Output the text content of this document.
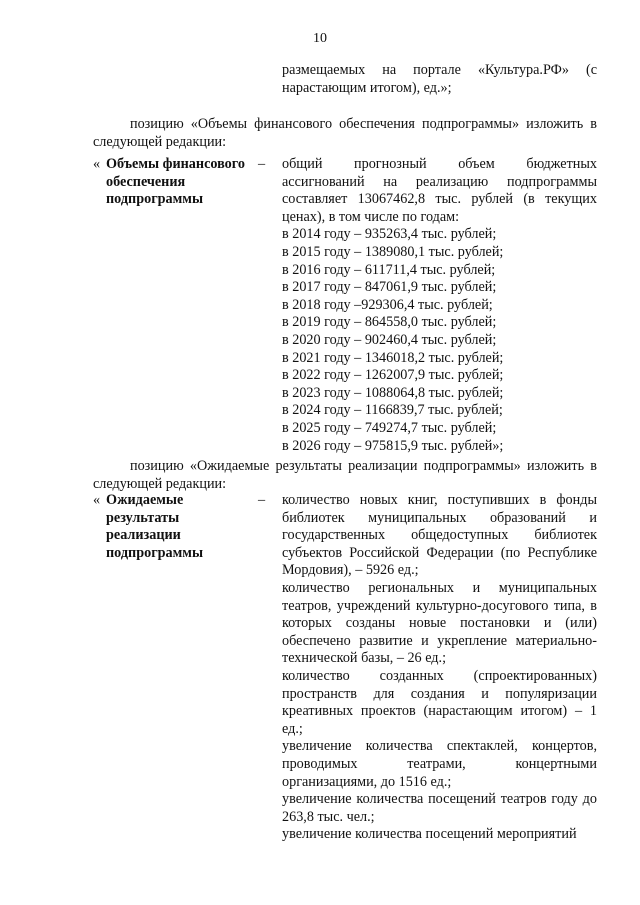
10
размещаемых на портале «Культура.РФ» (с нарастающим итогом), ед.»;
позицию «Объемы финансового обеспечения подпрограммы» изложить в следующей редакции:
« Объемы финансового обеспечения подпрограммы
– общий прогнозный объем бюджетных ассигнований на реализацию подпрограммы составляет 13067462,8 тыс. рублей (в текущих ценах), в том числе по годам:
в 2014 году – 935263,4 тыс. рублей;
в 2015 году – 1389080,1 тыс. рублей;
в 2016 году – 611711,4 тыс. рублей;
в 2017 году – 847061,9 тыс. рублей;
в 2018 году –929306,4 тыс. рублей;
в 2019 году – 864558,0 тыс. рублей;
в 2020 году – 902460,4 тыс. рублей;
в 2021 году – 1346018,2 тыс. рублей;
в 2022 году – 1262007,9 тыс. рублей;
в 2023 году – 1088064,8 тыс. рублей;
в 2024 году – 1166839,7 тыс. рублей;
в 2025 году – 749274,7 тыс. рублей;
в 2026 году – 975815,9 тыс. рублей»;
позицию «Ожидаемые результаты реализации подпрограммы» изложить в следующей редакции:
« Ожидаемые результаты реализации подпрограммы
– количество новых книг, поступивших в фонды библиотек муниципальных образований и государственных общедоступных библиотек субъектов Российской Федерации (по Республике Мордовия), – 5926 ед.;
количество региональных и муниципальных театров, учреждений культурно-досугового типа, в которых созданы новые постановки и (или) обеспечено развитие и укрепление материально-технической базы, – 26 ед.;
количество созданных (спроектированных) пространств для создания и популяризации креативных проектов (нарастающим итогом) – 1 ед.;
увеличение количества спектаклей, концертов, проводимых театрами, концертными организациями, до 1516 ед.;
увеличение количества посещений театров году до 263,8 тыс. чел.;
увеличение количества посещений мероприятий
